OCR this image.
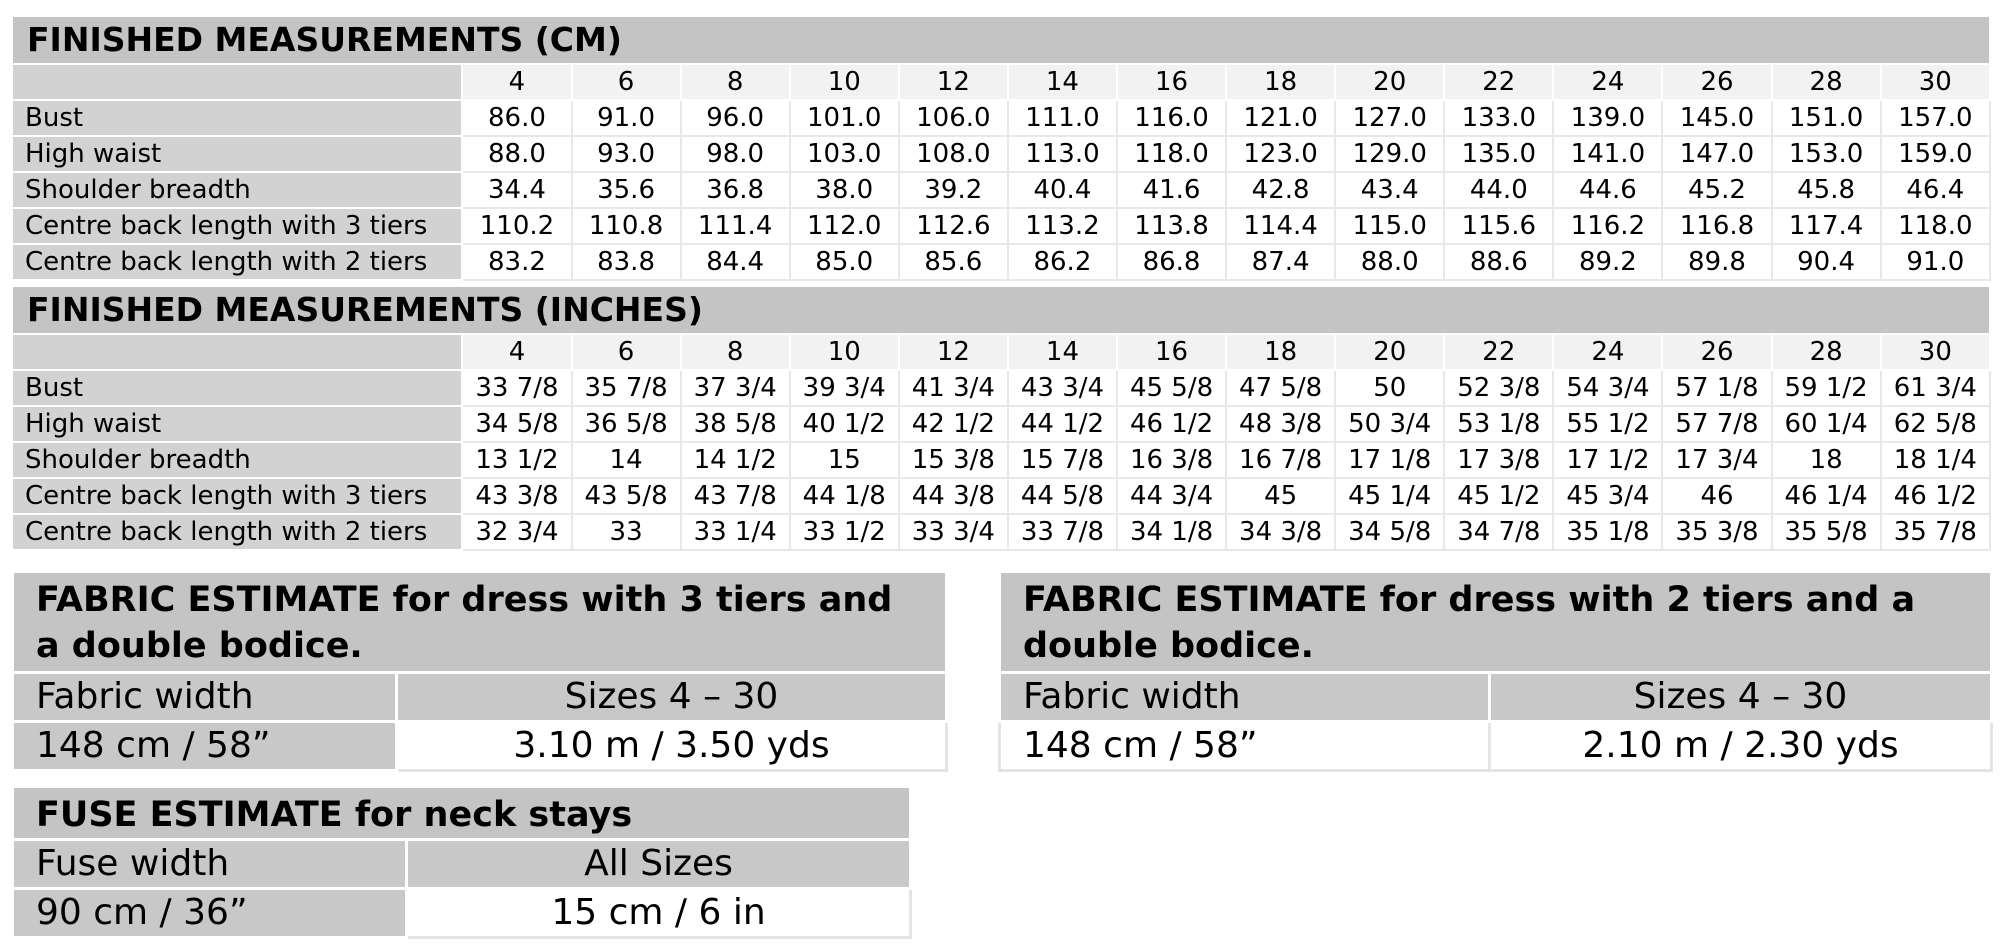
FINISHED MEASUREMENTS (CM)														
	4	6	8	10	12	14	16	18	20	22	24	26	28	30
Bust	86.0	91.0	96.0	101.0	106.0	111.0	116.0	121.0	127.0	133.0	139.0	145.0	151.0	157.0
High waist	88.0	93.0	98.0	103.0	108.0	113.0	118.0	123.0	129.0	135.0	141.0	147.0	153.0	159.0
Shoulder breadth	34.4	35.6	36.8	38.0	39.2	40.4	41.6	42.8	43.4	44.0	44.6	45.2	45.8	46.4
Centre back length with 3 tiers	110.2	110.8	111.4	112.0	112.6	113.2	113.8	114.4	115.0	115.6	116.2	116.8	117.4	118.0
Centre back length with 2 tiers	83.2	83.8	84.4	85.0	85.6	86.2	86.8	87.4	88.0	88.6	89.2	89.8	90.4	91.0
FINISHED MEASUREMENTS (INCHES)														
	4	6	8	10	12	14	16	18	20	22	24	26	28	30
Bust	33 7/8	35 7/8	37 3/4	39 3/4	41 3/4	43 3/4	45 5/8	47 5/8	50	52 3/8	54 3/4	57 1/8	59 1/2	61 3/4
High waist	34 5/8	36 5/8	38 5/8	40 1/2	42 1/2	44 1/2	46 1/2	48 3/8	50 3/4	53 1/8	55 1/2	57 7/8	60 1/4	62 5/8
Shoulder breadth	13 1/2	14	14 1/2	15	15 3/8	15 7/8	16 3/8	16 7/8	17 1/8	17 3/8	17 1/2	17 3/4	18	18 1/4
Centre back length with 3 tiers	43 3/8	43 5/8	43 7/8	44 1/8	44 3/8	44 5/8	44 3/4	45	45 1/4	45 1/2	45 3/4	46	46 1/4	46 1/2
Centre back length with 2 tiers	32 3/4	33	33 1/4	33 1/2	33 3/4	33 7/8	34 1/8	34 3/8	34 5/8	34 7/8	35 1/8	35 3/8	35 5/8	35 7/8
FABRIC ESTIMATE for dress with 3 tiers and a double bodice.	
Fabric width	Sizes 4 – 30
148 cm / 58”	3.10 m / 3.50 yds
FABRIC ESTIMATE for dress with 2 tiers and a double bodice.	
Fabric width	Sizes 4 – 30
148 cm / 58”	2.10 m / 2.30 yds
FUSE ESTIMATE for neck stays	
Fuse width	All Sizes
90 cm / 36”	15 cm / 6 in
